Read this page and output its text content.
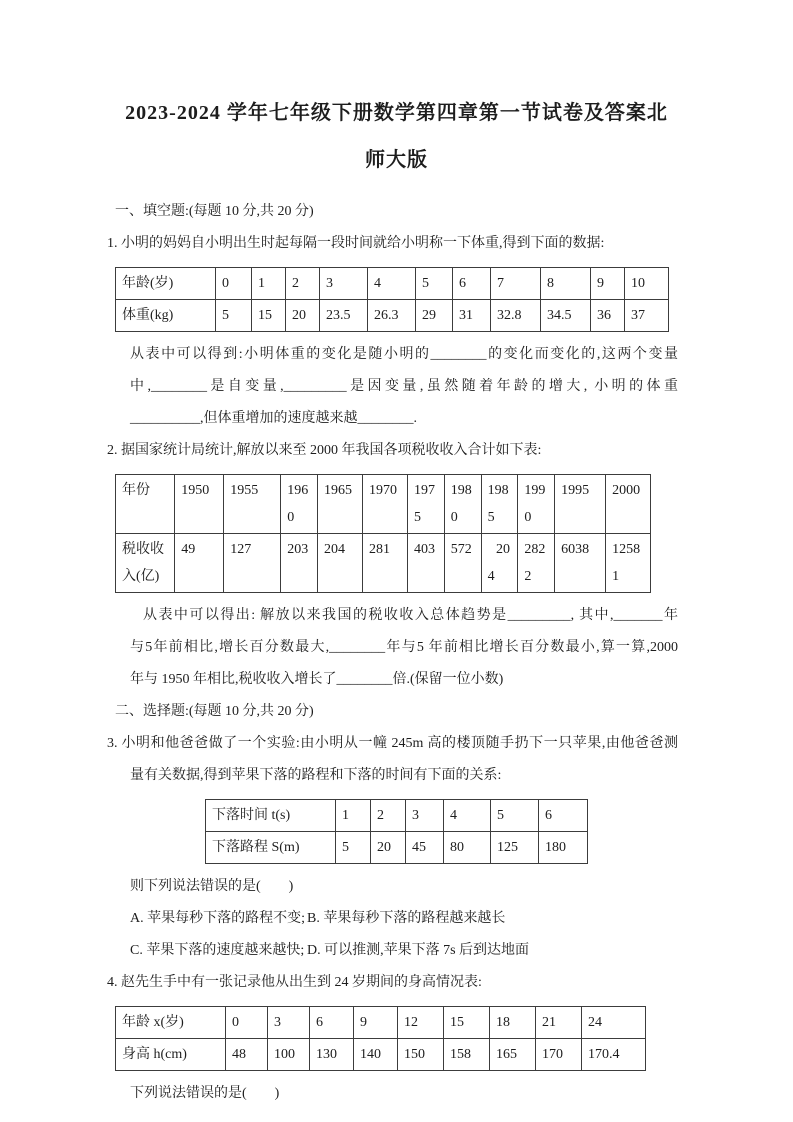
2023-2024 学年七年级下册数学第四章第一节试卷及答案北
师大版
一、填空题:(每题 10 分,共 20 分)
1. 小明的妈妈自小明出生时起每隔一段时间就给小明称一下体重,得到下面的数据:
年龄(岁)	0	1	2	3	4	5	6	7	8	9	10
体重(kg)	5	15	20	23.5	26.3	29	31	32.8	34.5	36	37
从表中可以得到:小明体重的变化是随小明的________的变化而变化的,这两个变量
中,________是自变量,_________是因变量,虽然随着年龄的增大, 小明的体重
__________,但体重增加的速度越来越________.
2. 据国家统计局统计,解放以来至 2000 年我国各项税收收入合计如下表:
年份	1950	1955	1960	1965	1970	1975	1980	1985	1990	1995	2000
税收收入(亿)	49	127	203	204	281	403	572	204	2822	6038	12581
从表中可以得出: 解放以来我国的税收收入总体趋势是_________, 其中,_______年
与5年前相比,增长百分数最大,________年与5 年前相比增长百分数最小,算一算,2000
年与 1950 年相比,税收收入增长了________倍.(保留一位小数)
二、选择题:(每题 10 分,共 20 分)
3. 小明和他爸爸做了一个实验:由小明从一幢 245m 高的楼顶随手扔下一只苹果,由他爸爸测
量有关数据,得到苹果下落的路程和下落的时间有下面的关系:
下落时间 t(s)	1	2	3	4	5	6
下落路程 S(m)	5	20	45	80	125	180
则下列说法错误的是(　　)
A. 苹果每秒下落的路程不变; B. 苹果每秒下落的路程越来越长
C. 苹果下落的速度越来越快; D. 可以推测,苹果下落 7s 后到达地面
4. 赵先生手中有一张记录他从出生到 24 岁期间的身高情况表:
年龄 x(岁)	0	3	6	9	12	15	18	21	24
身高 h(cm)	48	100	130	140	150	158	165	170	170.4
下列说法错误的是(　　)
